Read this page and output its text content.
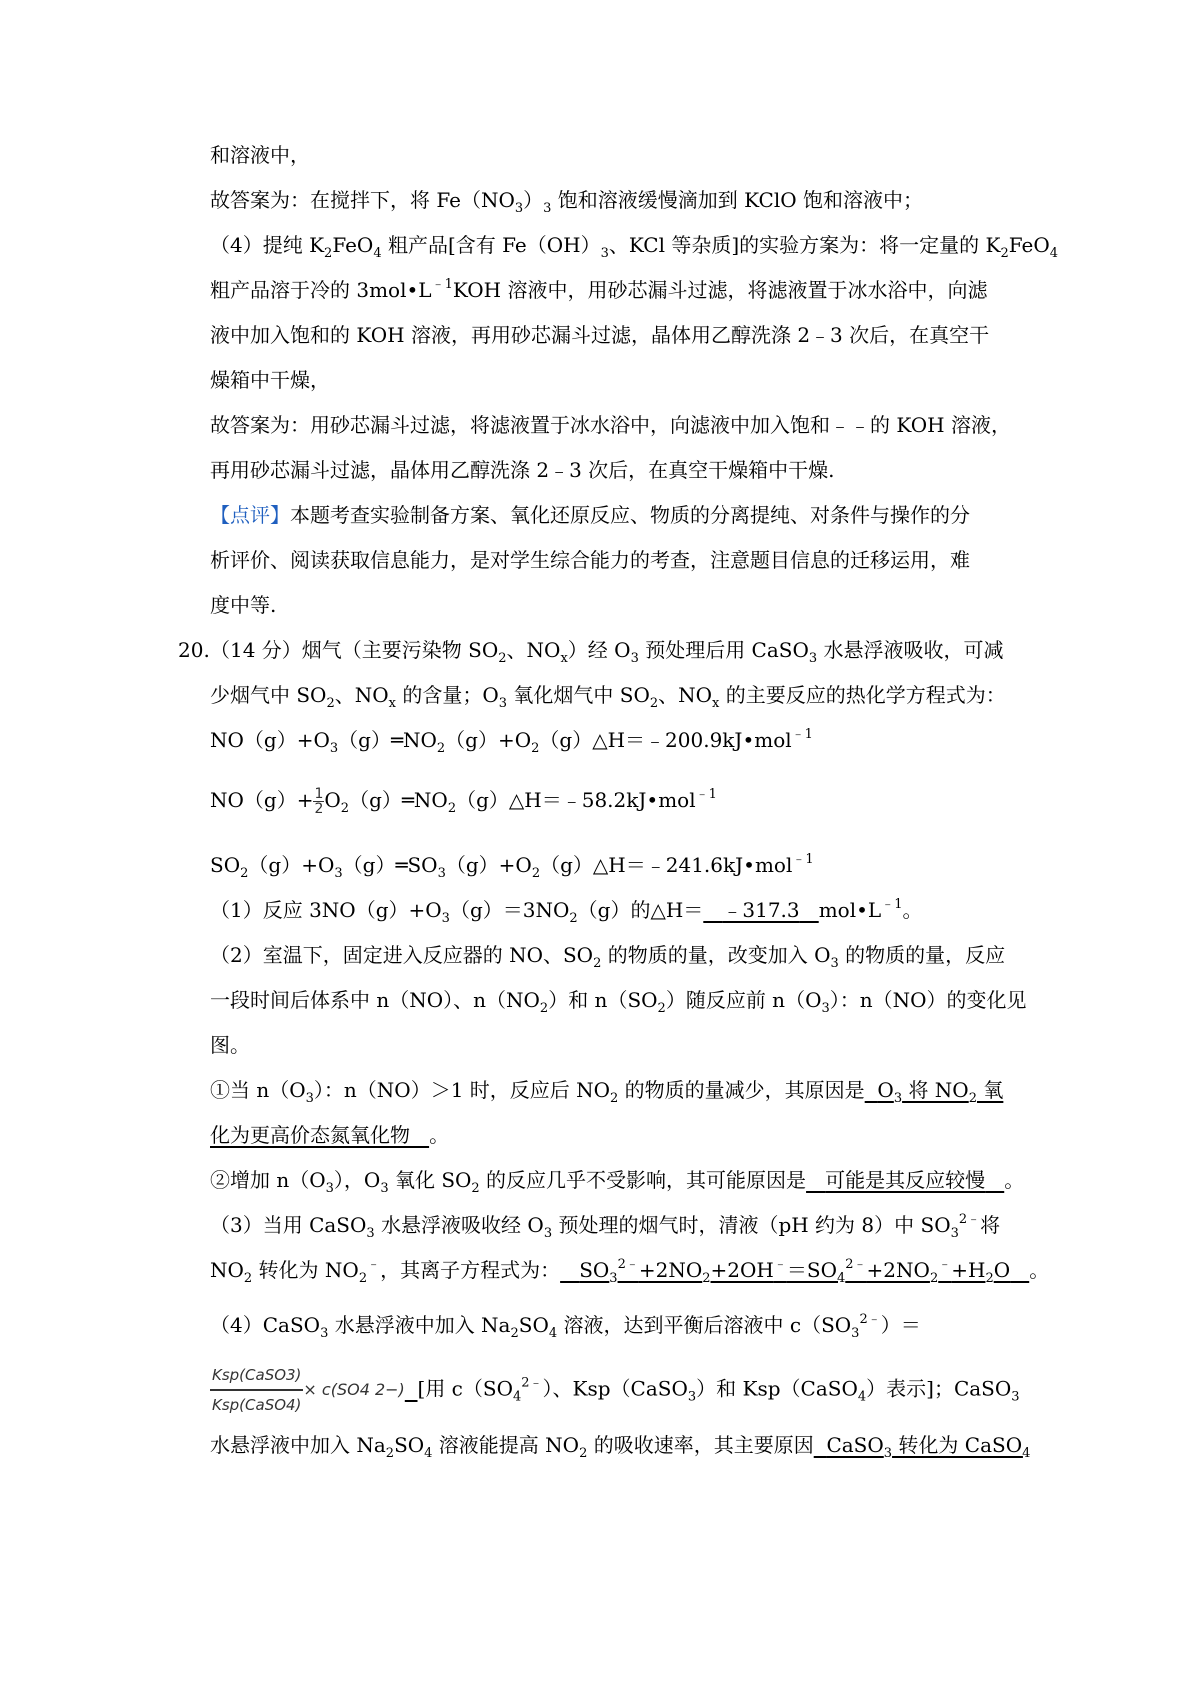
和溶液中，
故答案为：在搅拌下，将 $Fe(NO_3)_3$ 饱和溶液缓慢滴加到 KClO 饱和溶液中；
（4）提纯 $K_2FeO_4$ 粗产品[含有 $Fe(OH)_3$、KCl 等杂质]的实验方案为：将一定量的 $K_2FeO_4$
粗产品溶于冷的 $3mol•L^{﹣1}KOH$ 溶液中，用砂芯漏斗过滤，将滤液置于冰水浴中，向滤
液中加入饱和的 KOH 溶液，再用砂芯漏斗过滤，晶体用乙醇洗涤 2﹣3 次后，在真空干
燥箱中干燥，
故答案为：用砂芯漏斗过滤，将滤液置于冰水浴中，向滤液中加入饱和﹣﹣的 KOH 溶液，
再用砂芯漏斗过滤，晶体用乙醇洗涤 2﹣3 次后，在真空干燥箱中干燥.
【点评】本题考查实验制备方案、氧化还原反应、物质的分离提纯、对条件与操作的分
析评价、阅读获取信息能力，是对学生综合能力的考查，注意题目信息的迁移运用，难
度中等.
20. （14 分）烟气（主要污染物 $SO_2$、$NO_x$）经 $O_3$ 预处理后用 CaSO$_3$ 水悬浮液吸收，可减
少烟气中 $SO_2$、$NO_x$ 的含量；$O_3$ 氧化烟气中 $SO_2$、$NO_x$ 的主要反应的热化学方程式为：
$NO(g)+O_3(g)═NO_2(g)+O_2(g)\triangle H=﹣200.9kJ•mol^{﹣1}$
$NO(g)+ \frac{1}{2}$ $O_2(g)═NO_2(g)\triangle H=﹣58.2kJ•mol^{﹣1}$
$SO_2(g)+O_3(g)═SO_3(g)+O_2(g)\triangle H=﹣241.6kJ•mol^{﹣1}$
（1）反应 $3NO(g)+O_3(g)=3NO_2(g)$的△H＝ ﹣317.3 $mol•L^{﹣1}$。
（2）室温下，固定进入反应器的 NO、$SO_2$ 的物质的量，改变加入 $O_3$ 的物质的量，反应
一段时间后体系中 n（NO）、$n(NO_2)$和 $n(SO_2)$随反应前 $n(O_3)$：n（NO）的变化见
图。
①当 $n(O_3)$：n（NO）＞1 时，反应后 $NO_2$ 的物质的量减少，其原因是 $O_3$ 将 $NO_2$ 氧
化为更高价态氮氧化物 。
②增加 $n(O_3)$，$O_3$ 氧化 $SO_2$ 的反应几乎不受影响，其可能原因是 可能是其反应较慢 。
（3）当用 CaSO$_3$ 水悬浮液吸收经 $O_3$ 预处理的烟气时，清液（pH 约为 8）中 $SO_3^{2﹣}$将
$NO_2$ 转化为 $NO_2^﹣$，其离子方程式为： $SO_3^{2﹣}+2NO_2+2OH^﹣=SO_4^{2﹣}+2NO_2^﹣+H_2O$ 。
（4）CaSO$_3$ 水悬浮液中加入 $Na_2SO_4$ 溶液，达到平衡后溶液中 $c(SO_3^{2﹣})=$
$\frac{\text{Ksp(CaSO3)}}{\text{Ksp(CaSO4)}} \times c(SO4$ 2−) [用 $c(SO_4^{2﹣})$、Ksp（CaSO$_3$）和 Ksp（CaSO$_4$）表示]；CaSO$_3$
水悬浮液中加入 $Na_2SO_4$ 溶液能提高 $NO_2$ 的吸收速率，其主要原因 CaSO$_3$ 转化为 CaSO$_4$
